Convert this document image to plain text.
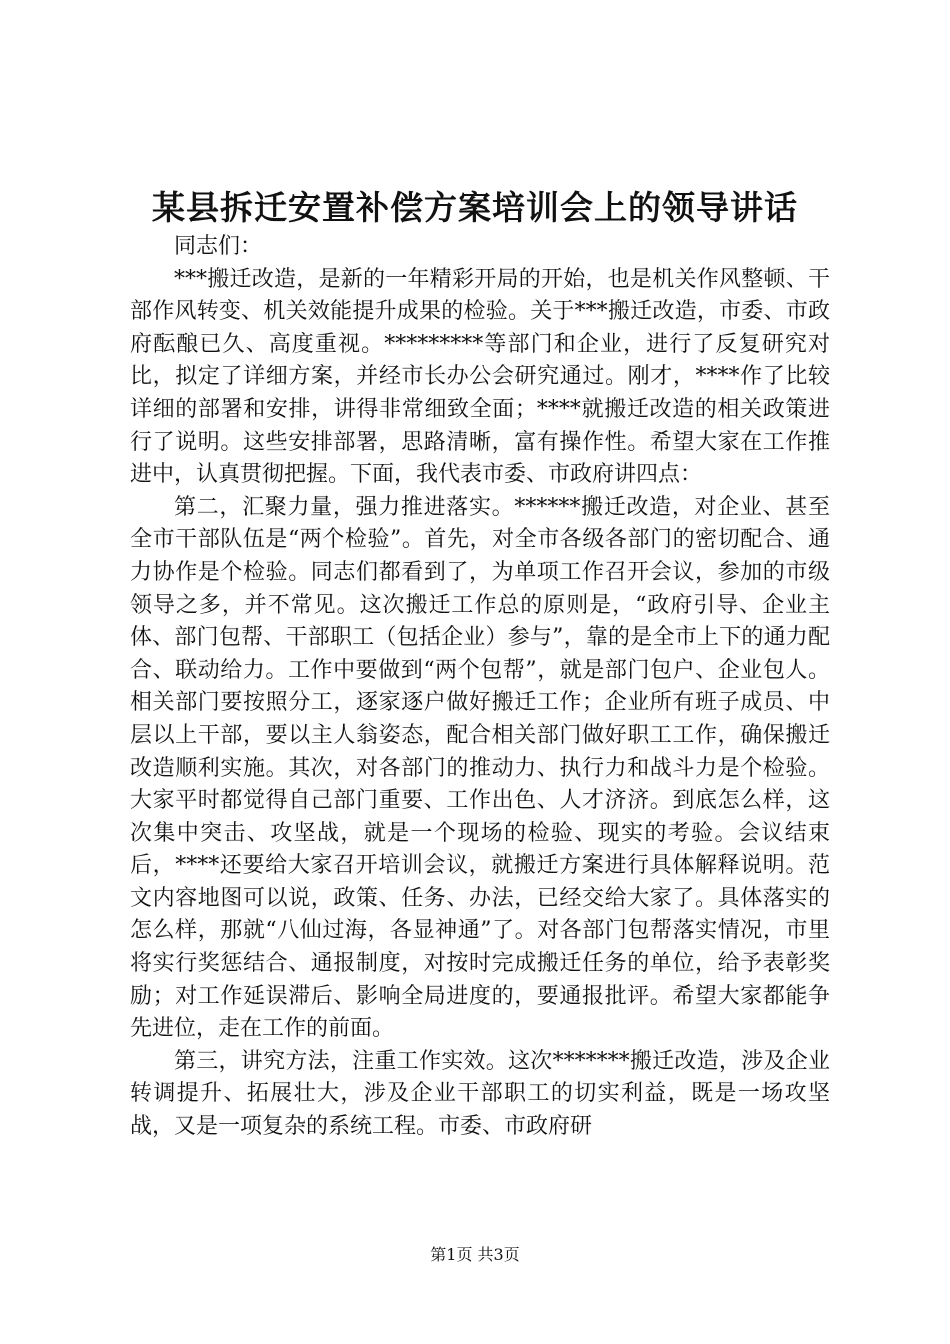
某县拆迁安置补偿方案培训会上的领导讲话

同志们：

***搬迁改造，是新的一年精彩开局的开始，也是机关作风整顿、干部作风转变、机关效能提升成果的检验。关于***搬迁改造，市委、市政府酝酿已久、高度重视。*********等部门和企业，进行了反复研究对比，拟定了详细方案，并经市长办公会研究通过。刚才，****作了比较详细的部署和安排，讲得非常细致全面；****就搬迁改造的相关政策进行了说明。这些安排部署，思路清晰，富有操作性。希望大家在工作推进中，认真贯彻把握。下面，我代表市委、市政府讲四点：

第二，汇聚力量，强力推进落实。******搬迁改造，对企业、甚至全市干部队伍是“两个检验”。首先，对全市各级各部门的密切配合、通力协作是个检验。同志们都看到了，为单项工作召开会议，参加的市级领导之多，并不常见。这次搬迁工作总的原则是，“政府引导、企业主体、部门包帮、干部职工（包括企业）参与”，靠的是全市上下的通力配合、联动给力。工作中要做到“两个包帮”，就是部门包户、企业包人。相关部门要按照分工，逐家逐户做好搬迁工作；企业所有班子成员、中层以上干部，要以主人翁姿态，配合相关部门做好职工工作，确保搬迁改造顺利实施。其次，对各部门的推动力、执行力和战斗力是个检验。大家平时都觉得自己部门重要、工作出色、人才济济。到底怎么样，这次集中突击、攻坚战，就是一个现场的检验、现实的考验。会议结束后，****还要给大家召开培训会议，就搬迁方案进行具体解释说明。范文内容地图可以说，政策、任务、办法，已经交给大家了。具体落实的怎么样，那就“八仙过海，各显神通”了。对各部门包帮落实情况，市里将实行奖惩结合、通报制度，对按时完成搬迁任务的单位，给予表彰奖励；对工作延误滞后、影响全局进度的，要通报批评。希望大家都能争先进位，走在工作的前面。

第三，讲究方法，注重工作实效。这次*******搬迁改造，涉及企业转调提升、拓展壮大，涉及企业干部职工的切实利益，既是一场攻坚战，又是一项复杂的系统工程。市委、市政府研

第1页 共3页
